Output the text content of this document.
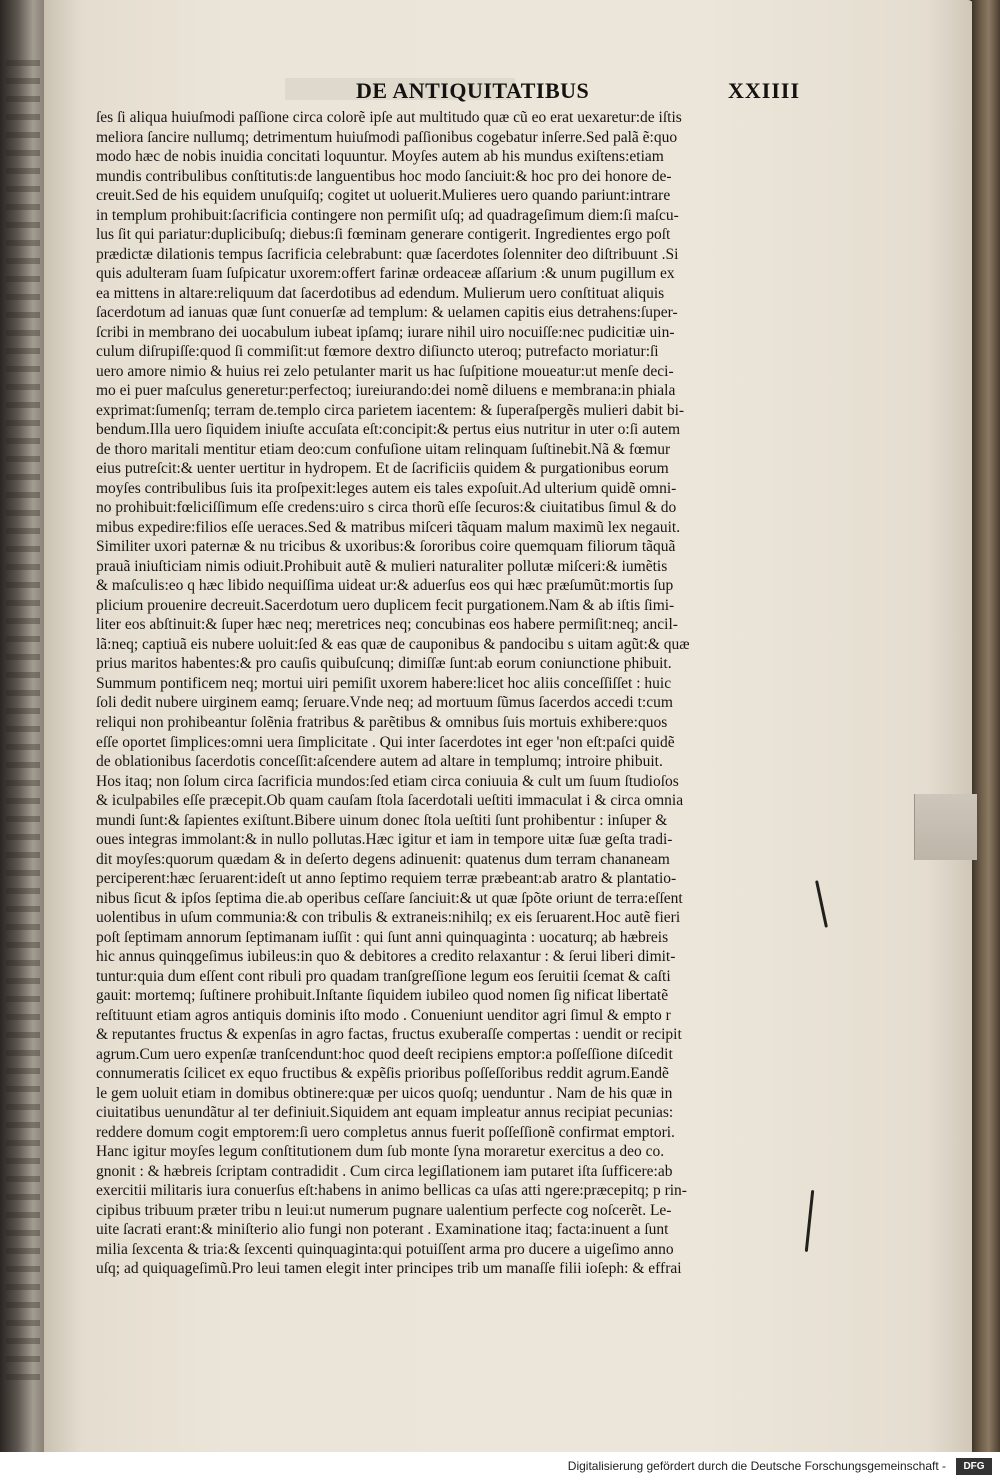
DE ANTIQUITATIBUS	XXIIII
ſes ſi aliqua huiuſmodi paſſione circa colorẽ ipſe aut multitudo quæ cũ eo erat uexaretur:de iſtis
meliora ſancire nullumq; detrimentum huiuſmodi paſſionibus cogebatur inſerre.Sed palã ẽ:quo
modo hæc de nobis inuidia concitati loquuntur. Moyſes autem ab his mundus exiſtens:etiam
mundis contribulibus conſtitutis:de languentibus hoc modo ſanciuit:& hoc pro dei honore de-
creuit.Sed de his equidem unuſquiſq; cogitet ut uoluerit.Mulieres uero quando pariunt:intrare
in templum prohibuit:ſacrificia contingere non permiſit uſq; ad quadrageſimum diem:ſi maſcu-
lus ſit qui pariatur:duplicibuſq; diebus:ſi fœminam generare contigerit. Ingredientes ergo poſt
prædictæ dilationis tempus ſacrificia celebrabunt: quæ ſacerdotes ſolenniter deo diſtribuunt .Si
quis adulteram ſuam ſuſpicatur uxorem:offert farinæ ordeaceæ aſſarium :& unum pugillum ex
ea mittens in altare:reliquum dat ſacerdotibus ad edendum. Mulierum uero conſtituat aliquis
ſacerdotum ad ianuas quæ ſunt conuerſæ ad templum: & uelamen capitis eius detrahens:ſuper-
ſcribi in membrano dei uocabulum iubeat ipſamq; iurare nihil uiro nocuiſſe:nec pudicitiæ uin-
culum diſrupiſſe:quod ſi commiſit:ut fœmore dextro diſiuncto uteroq; putrefacto moriatur:ſi
uero amore nimio & huius rei zelo petulanter marit us hac ſuſpitione moueatur:ut menſe deci-
mo ei puer maſculus generetur:perfectoq; iureiurando:dei nomẽ diluens e membrana:in phiala
exprimat:ſumenſq; terram de.templo circa parietem iacentem: & ſuperaſpergẽs mulieri dabit bi-
bendum.Illa uero ſiquidem iniuſte accuſata eſt:concipit:& pertus eius nutritur in uter o:ſi autem
de thoro maritali mentitur etiam deo:cum confuſione uitam relinquam ſuſtinebit.Nã & fœmur
eius putreſcit:& uenter uertitur in hydropem. Et de ſacrificiis quidem & purgationibus eorum
moyſes contribulibus ſuis ita proſpexit:leges autem eis tales expoſuit.Ad ulterium quidẽ omni-
no prohibuit:fœliciſſimum eſſe credens:uiro s circa thorũ eſſe ſecuros:& ciuitatibus ſimul & do
mibus expedire:filios eſſe ueraces.Sed & matribus miſceri tãquam malum maximũ lex negauit.
Similiter uxori paternæ & nu tricibus & uxoribus:& ſororibus coire quemquam filiorum tãquã
prauã iniuſticiam nimis odiuit.Prohibuit autẽ & mulieri naturaliter pollutæ miſceri:& iumẽtis
& maſculis:eo q hæc libido nequiſſima uideat ur:& aduerſus eos qui hæc præſumũt:mortis ſup
plicium prouenire decreuit.Sacerdotum uero duplicem fecit purgationem.Nam & ab iſtis ſimi-
liter eos abſtinuit:& ſuper hæc neq; meretrices neq; concubinas eos habere permiſit:neq; ancil-
lã:neq; captiuã eis nubere uoluit:ſed & eas quæ de cauponibus & pandocibu s uitam agũt:& quæ
prius maritos habentes:& pro cauſis quibuſcunq; dimiſſæ ſunt:ab eorum coniunctione phibuit.
Summum pontificem neq; mortui uiri pemiſit uxorem habere:licet hoc aliis conceſſiſſet : huic
ſoli dedit nubere uirginem eamq; ſeruare.Vnde neq; ad mortuum ſũmus ſacerdos accedi t:cum
reliqui non prohibeantur ſolẽnia fratribus & parẽtibus & omnibus ſuis mortuis exhibere:quos
eſſe oportet ſimplices:omni uera ſimplicitate . Qui inter ſacerdotes int eger 'non eſt:paſci quidẽ
de oblationibus ſacerdotis conceſſit:aſcendere autem ad altare in templumq; introire phibuit.
Hos itaq; non ſolum circa ſacrificia mundos:ſed etiam circa coniuuia & cult um ſuum ſtudioſos
& iculpabiles eſſe præcepit.Ob quam cauſam ſtola ſacerdotali ueſtiti immaculat i & circa omnia
mundi ſunt:& ſapientes exiſtunt.Bibere uinum donec ſtola ueſtiti ſunt prohibentur : inſuper &
oues integras immolant:& in nullo pollutas.Hæc igitur et iam in tempore uitæ ſuæ geſta tradi-
dit moyſes:quorum quædam & in deſerto degens adinuenit: quatenus dum terram chananeam
perciperent:hæc ſeruarent:ideſt ut anno ſeptimo requiem terræ præbeant:ab aratro & plantatio-
nibus ſicut & ipſos ſeptima die.ab operibus ceſſare ſanciuit:& ut quæ ſpõte oriunt de terra:eſſent
uolentibus in uſum communia:& con tribulis & extraneis:nihilq; ex eis ſeruarent.Hoc autẽ fieri
poſt ſeptimam annorum ſeptimanam iuſſit : qui ſunt anni quinquaginta : uocaturq; ab hæbreis
hic annus quinqgeſimus iubileus:in quo & debitores a credito relaxantur : & ſerui liberi dimit-
tuntur:quia dum eſſent cont ribuli pro quadam tranſgreſſione legum eos ſeruitii ſcemat & caſti
gauit: mortemq; ſuſtinere prohibuit.Inſtante ſiquidem iubileo quod nomen ſig nificat libertatẽ
reſtituunt etiam agros antiquis dominis iſto modo . Conueniunt uenditor agri ſimul & empto r
& reputantes fructus & expenſas in agro factas, fructus exuberaſſe compertas : uendit or recipit
agrum.Cum uero expenſæ tranſcendunt:hoc quod deeſt recipiens emptor:a poſſeſſione diſcedit
connumeratis ſcilicet ex equo fructibus & expẽſis prioribus poſſeſſoribus reddit agrum.Eandẽ
le gem uoluit etiam in domibus obtinere:quæ per uicos quoſq; uenduntur . Nam de his quæ in
ciuitatibus uenundãtur al ter definiuit.Siquidem ant equam impleatur annus recipiat pecunias:
reddere domum cogit emptorem:ſi uero completus annus fuerit poſſeſſionẽ confirmat emptori.
Hanc igitur moyſes legum conſtitutionem dum ſub monte ſyna moraretur exercitus a deo co.
gnonit : & hæbreis ſcriptam contradidit . Cum circa legiſlationem iam putaret iſta ſufficere:ab
exercitii militaris iura conuerſus eſt:habens in animo bellicas ca uſas atti ngere:præcepitq; p rin-
cipibus tribuum præter tribu n leui:ut numerum pugnare ualentium perfecte cog noſcerẽt. Le-
uite ſacrati erant:& miniſterio alio fungi non poterant . Examinatione itaq; facta:inuent a ſunt
milia ſexcenta & tria:& ſexcenti quinquaginta:qui potuiſſent arma pro ducere a uigeſimo anno
uſq; ad quiquageſimũ.Pro leui tamen elegit inter principes trib um manaſſe filii ioſeph: & effrai
Digitalisierung gefördert durch die Deutsche Forschungsgemeinschaft -	DFG
